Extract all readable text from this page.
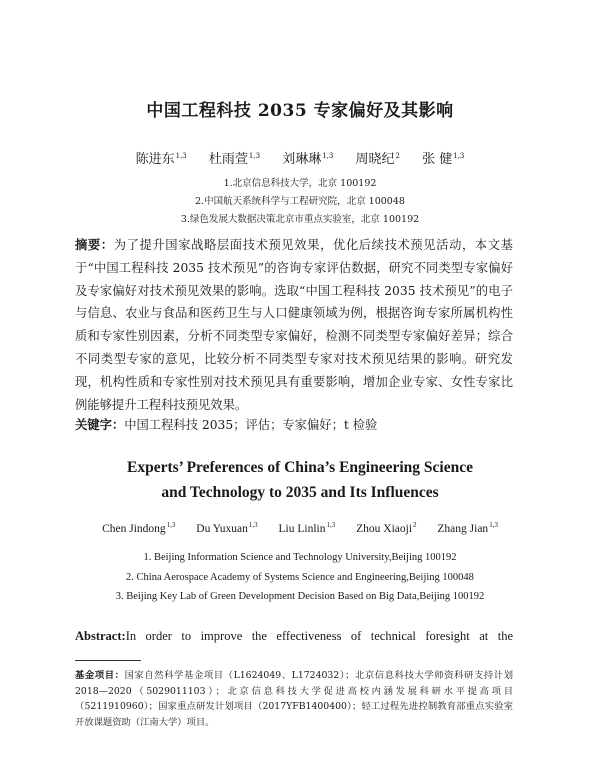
中国工程科技 2035 专家偏好及其影响
陈进东$^{1,3}$ 杜雨萱$^{1,3}$ 刘琳琳$^{1,3}$ 周晓纪$^2$ 张 健$^{1,3}$
1.北京信息科技大学，北京 100192
2.中国航天系统科学与工程研究院，北京 100048
3.绿色发展大数据决策北京市重点实验室，北京 100192
摘要：为了提升国家战略层面技术预见效果，优化后续技术预见活动，本文基于“中国工程科技 2035 技术预见”的咨询专家评估数据，研究不同类型专家偏好及专家偏好对技术预见效果的影响。选取“中国工程科技 2035 技术预见”的电子与信息、农业与食品和医药卫生与人口健康领域为例，根据咨询专家所属机构性质和专家性别因素，分析不同类型专家偏好，检测不同类型专家偏好差异；综合不同类型专家的意见，比较分析不同类型专家对技术预见结果的影响。研究发现，机构性质和专家性别对技术预见具有重要影响，增加企业专家、女性专家比例能够提升工程科技预见效果。
关键字：中国工程科技 2035；评估；专家偏好；t 检验
Experts’ Preferences of China’s Engineering Science
and Technology to 2035 and Its Influences
Chen Jindong$^{1,3}$ Du Yuxuan$^{1,3}$ Liu Linlin$^{1,3}$ Zhou Xiaoji$^2$ Zhang Jian$^{1,3}$
1. Beijing Information Science and Technology University,Beijing 100192
2. China Aerospace Academy of Systems Science and Engineering,Beijing 100048
3. Beijing Key Lab of Green Development Decision Based on Big Data,Beijing 100192
Abstract:In order to improve the effectiveness of technical foresight at the
基金项目：国家自然科学基金项目（L1624049、L1724032）；北京信息科技大学师资科研支持计划 2018—2020（5029011103）；北京信息科技大学促进高校内涵发展科研水平提高项目（5211910960）；国家重点研发计划项目（2017YFB1400400）；轻工过程先进控制教育部重点实验室开放课题资助（江南大学）项目。
